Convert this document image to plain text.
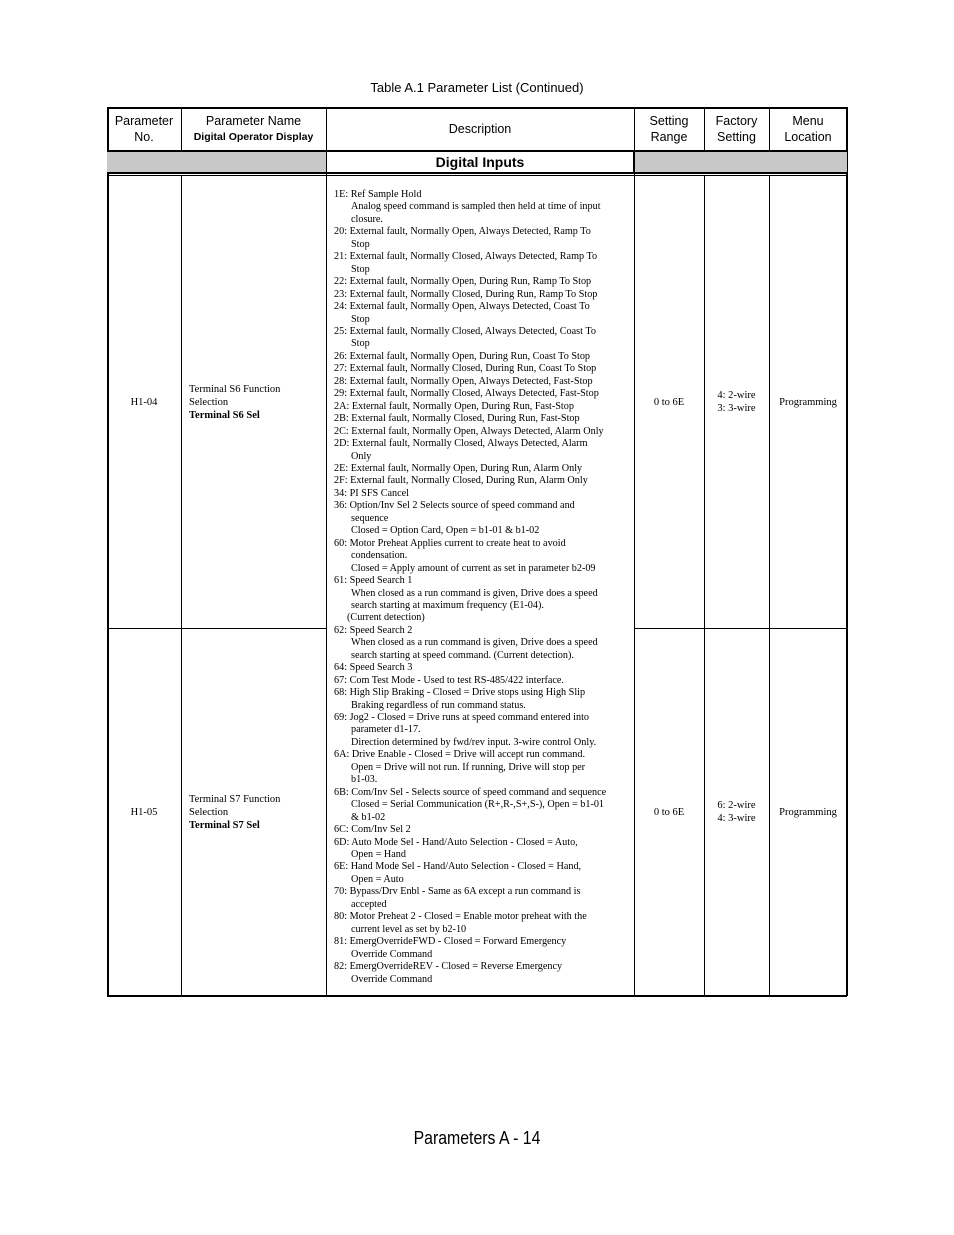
Table A.1 Parameter List (Continued)
Parameter
No.
Parameter Name
Digital Operator Display
Description
Setting
Range
Factory
Setting
Menu
Location
Digital Inputs
H1-04
Terminal S6 Function
Selection
Terminal S6 Sel
0 to 6E
4: 2-wire
3: 3-wire
Programming
H1-05
Terminal S7 Function
Selection
Terminal S7 Sel
0 to 6E
6: 2-wire
4: 3-wire
Programming
1E: Ref Sample Hold
Analog speed command is sampled then held at time of input
closure.
20: External fault, Normally Open, Always Detected, Ramp To
Stop
21: External fault, Normally Closed, Always Detected, Ramp To
Stop
22: External fault, Normally Open, During Run, Ramp To Stop
23: External fault, Normally Closed, During Run, Ramp To Stop
24: External fault, Normally Open, Always Detected, Coast To
Stop
25: External fault, Normally Closed, Always Detected, Coast To
Stop
26: External fault, Normally Open, During Run, Coast To Stop
27: External fault, Normally Closed, During Run, Coast To Stop
28: External fault, Normally Open, Always Detected, Fast-Stop
29: External fault, Normally Closed, Always Detected, Fast-Stop
2A: External fault, Normally Open, During Run, Fast-Stop
2B: External fault, Normally Closed, During Run, Fast-Stop
2C: External fault, Normally Open, Always Detected, Alarm Only
2D: External fault, Normally Closed, Always Detected, Alarm
Only
2E: External fault, Normally Open, During Run, Alarm Only
2F: External fault, Normally Closed, During Run, Alarm Only
34: PI SFS Cancel
36: Option/Inv Sel 2 Selects source of speed command and
sequence
Closed = Option Card, Open = b1-01 & b1-02
60: Motor Preheat Applies current to create heat to avoid
condensation.
Closed = Apply amount of current as set in parameter b2-09
61: Speed Search 1
When closed as a run command is given, Drive does a speed
search starting at maximum frequency (E1-04).
(Current detection)
62: Speed Search 2
When closed as a run command is given, Drive does a speed
search starting at speed command. (Current detection).
64: Speed Search 3
67: Com Test Mode - Used to test RS-485/422 interface.
68: High Slip Braking - Closed = Drive stops using High Slip
Braking regardless of run command status.
69: Jog2 - Closed = Drive runs at speed command entered into
parameter d1-17.
Direction determined by fwd/rev input. 3-wire control Only.
6A: Drive Enable - Closed = Drive will accept run command.
Open = Drive will not run. If running, Drive will stop per
b1-03.
6B: Com/Inv Sel - Selects source of speed command and sequence
Closed = Serial Communication (R+,R-,S+,S-), Open = b1-01
& b1-02
6C: Com/Inv Sel 2
6D: Auto Mode Sel - Hand/Auto Selection - Closed = Auto,
Open = Hand
6E: Hand Mode Sel - Hand/Auto Selection - Closed = Hand,
Open = Auto
70: Bypass/Drv Enbl - Same as 6A except a run command is
accepted
80: Motor Preheat 2 - Closed = Enable motor preheat with the
current level as set by b2-10
81: EmergOverrideFWD - Closed = Forward Emergency
Override Command
82: EmergOverrideREV - Closed = Reverse Emergency
Override Command
Parameters A - 14
